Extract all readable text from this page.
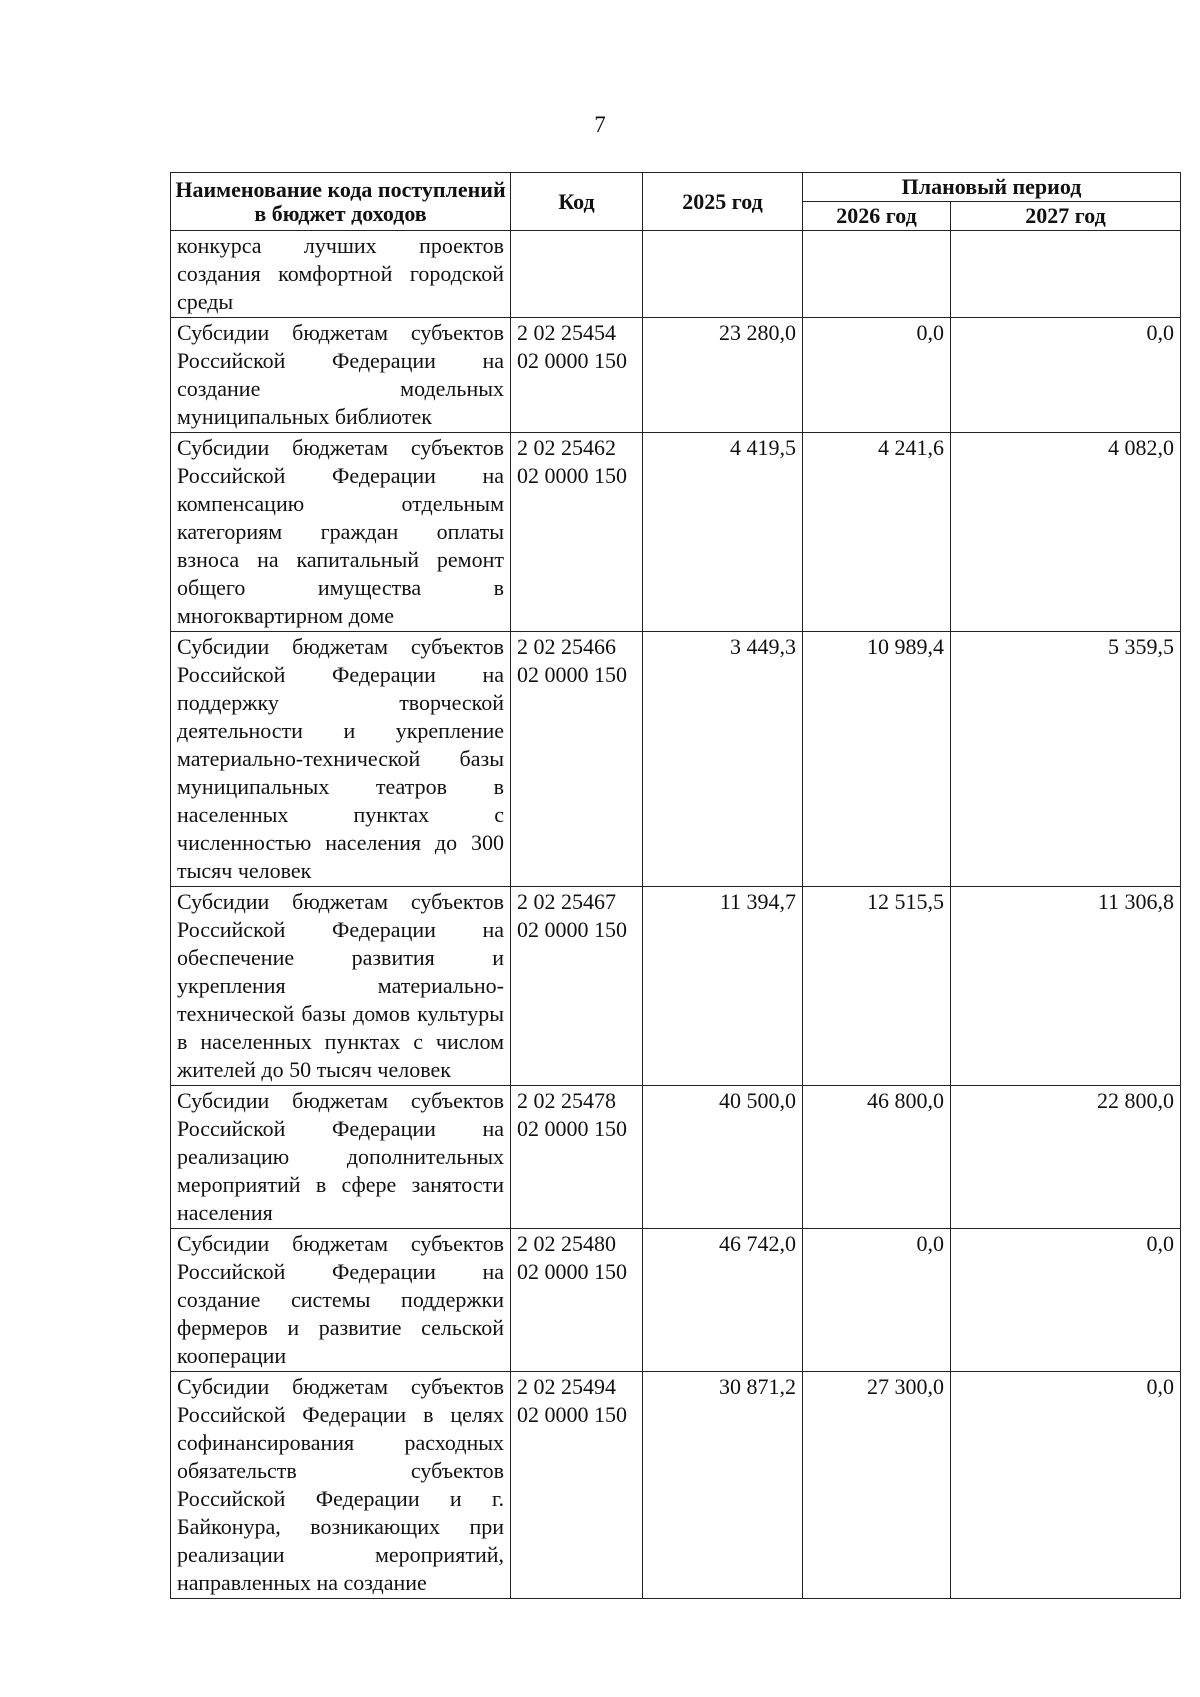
7
Наименование кода поступлений в бюджет доходов	Код	2025 год	Плановый период	
			2026 год	2027 год
конкурса лучших проектов создания комфортной городской среды				
Субсидии бюджетам субъектов Российской Федерации на создание модельных муниципальных библиотек	2 02 25454 02 0000 150	23 280,0	0,0	0,0
Субсидии бюджетам субъектов Российской Федерации на компенсацию отдельным категориям граждан оплаты взноса на капитальный ремонт общего имущества в многоквартирном доме	2 02 25462 02 0000 150	4 419,5	4 241,6	4 082,0
Субсидии бюджетам субъектов Российской Федерации на поддержку творческой деятельности и укрепление материально-технической базы муниципальных театров в населенных пунктах с численностью населения до 300 тысяч человек	2 02 25466 02 0000 150	3 449,3	10 989,4	5 359,5
Субсидии бюджетам субъектов Российской Федерации на обеспечение развития и укрепления материально-технической базы домов культуры в населенных пунктах с числом жителей до 50 тысяч человек	2 02 25467 02 0000 150	11 394,7	12 515,5	11 306,8
Субсидии бюджетам субъектов Российской Федерации на реализацию дополнительных мероприятий в сфере занятости населения	2 02 25478 02 0000 150	40 500,0	46 800,0	22 800,0
Субсидии бюджетам субъектов Российской Федерации на создание системы поддержки фермеров и развитие сельской кооперации	2 02 25480 02 0000 150	46 742,0	0,0	0,0
Субсидии бюджетам субъектов Российской Федерации в целях софинансирования расходных обязательств субъектов Российской Федерации и г. Байконура, возникающих при реализации мероприятий, направленных на создание	2 02 25494 02 0000 150	30 871,2	27 300,0	0,0
